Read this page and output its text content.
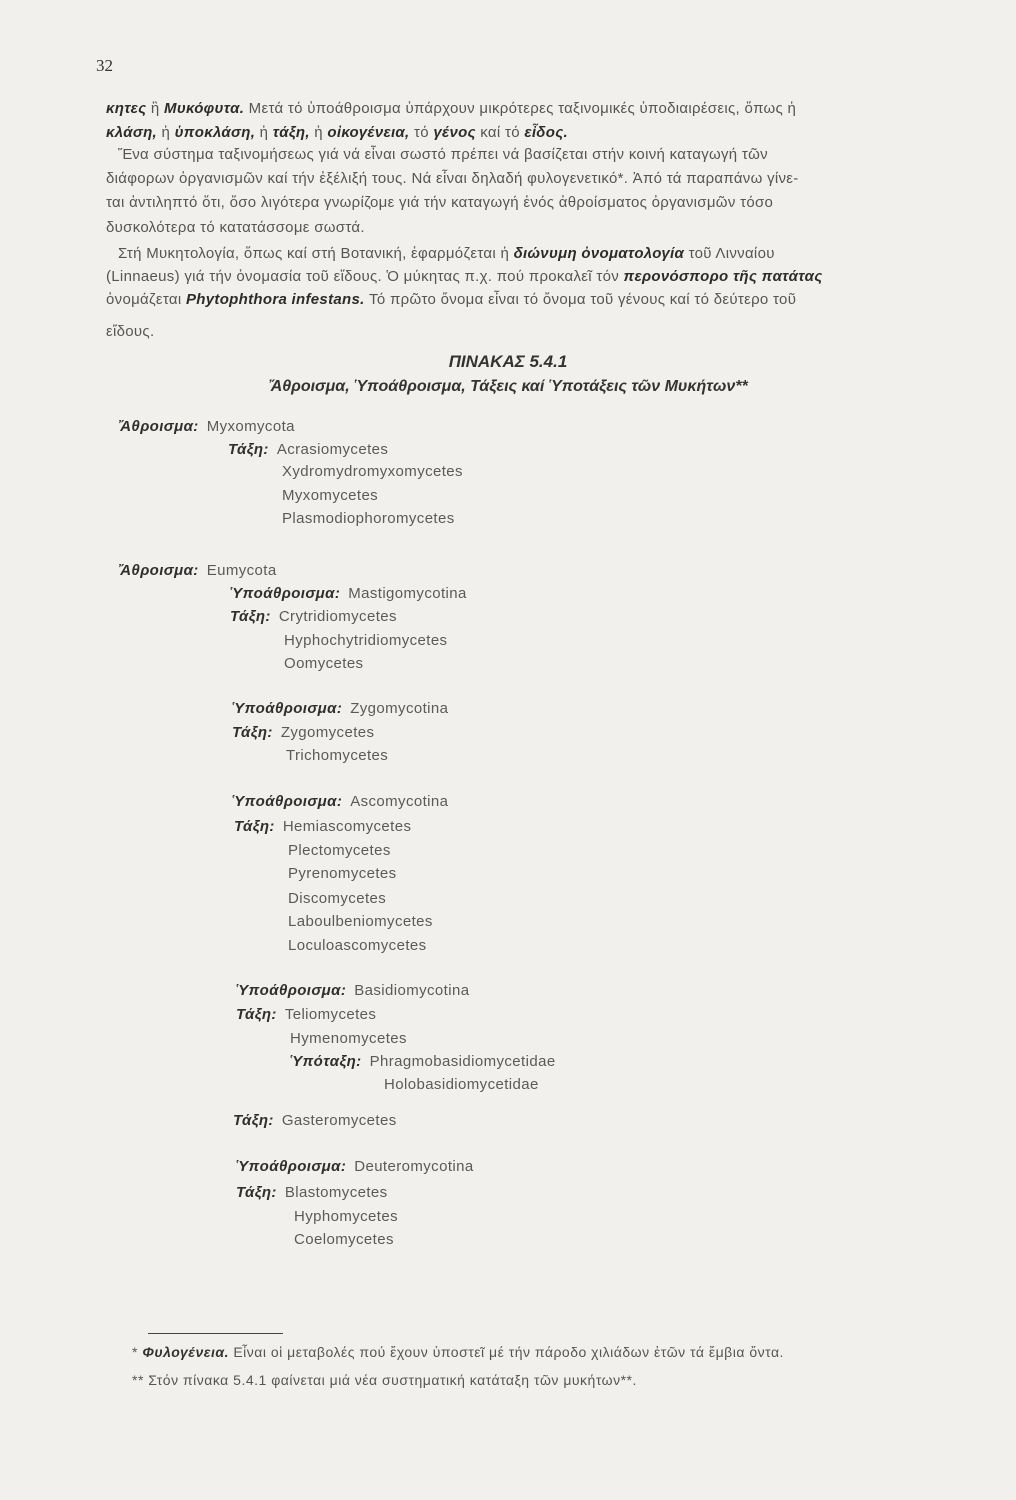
32
κητες ἢ Μυκόφυτα. Μετά τό ὑποάθροισμα ὑπάρχουν μικρότερες ταξινομικές ὑποδιαιρέσεις, ὅπως ἡ
κλάση, ἡ ὑποκλάση, ἡ τάξη, ἡ οἰκογένεια, τό γένος καί τό εἶδος.
Ἕνα σύστημα ταξινομήσεως γιά νά εἶναι σωστό πρέπει νά βασίζεται στήν κοινή καταγωγή τῶν
διάφορων ὀργανισμῶν καί τήν ἐξέλιξή τους. Νά εἶναι δηλαδή φυλογενετικό*. Ἀπό τά παραπάνω γίνε-
ται ἀντιληπτό ὅτι, ὅσο λιγότερα γνωρίζομε γιά τήν καταγωγή ἑνός ἀθροίσματος ὀργανισμῶν τόσο
δυσκολότερα τό κατατάσσομε σωστά.
Στή Μυκητολογία, ὅπως καί στή Βοτανική, ἐφαρμόζεται ἡ διώνυμη ὀνοματολογία τοῦ Λινναίου
(Linnaeus) γιά τήν ὀνομασία τοῦ εἴδους. Ὁ μύκητας π.χ. πού προκαλεῖ τόν περονόσπορο τῆς πατάτας
ὀνομάζεται Phytophthora infestans. Τό πρῶτο ὄνομα εἶναι τό ὄνομα τοῦ γένους καί τό δεύτερο τοῦ
εἴδους.
ΠΙΝΑΚΑΣ 5.4.1
Ἄθροισμα, Ὑποάθροισμα, Τάξεις καί Ὑποτάξεις τῶν Μυκήτων**
Ἄθροισμα: Myxomycota
Τάξη: Acrasiomycetes
Xydromydromyxomycetes
Myxomycetes
Plasmodiophoromycetes
Ἄθροισμα: Eumycota
Ὑποάθροισμα: Mastigomycotina
Τάξη: Crytridiomycetes
Hyphochytridiomycetes
Oomycetes
Ὑποάθροισμα: Zygomycotina
Τάξη: Zygomycetes
Trichomycetes
Ὑποάθροισμα: Ascomycotina
Τάξη: Hemiascomycetes
Plectomycetes
Pyrenomycetes
Discomycetes
Laboulbeniomycetes
Loculoascomycetes
Ὑποάθροισμα: Basidiomycotina
Τάξη: Teliomycetes
Hymenomycetes
Ὑπόταξη: Phragmobasidiomycetidae
Holobasidiomycetidae
Τάξη: Gasteromycetes
Ὑποάθροισμα: Deuteromycotina
Τάξη: Blastomycetes
Hyphomycetes
Coelomycetes
* Φυλογένεια. Εἶναι οἱ μεταβολές πού ἔχουν ὑποστεῖ μέ τήν πάροδο χιλιάδων ἐτῶν τά ἔμβια ὄντα.
** Στόν πίνακα 5.4.1 φαίνεται μιά νέα συστηματική κατάταξη τῶν μυκήτων**.
